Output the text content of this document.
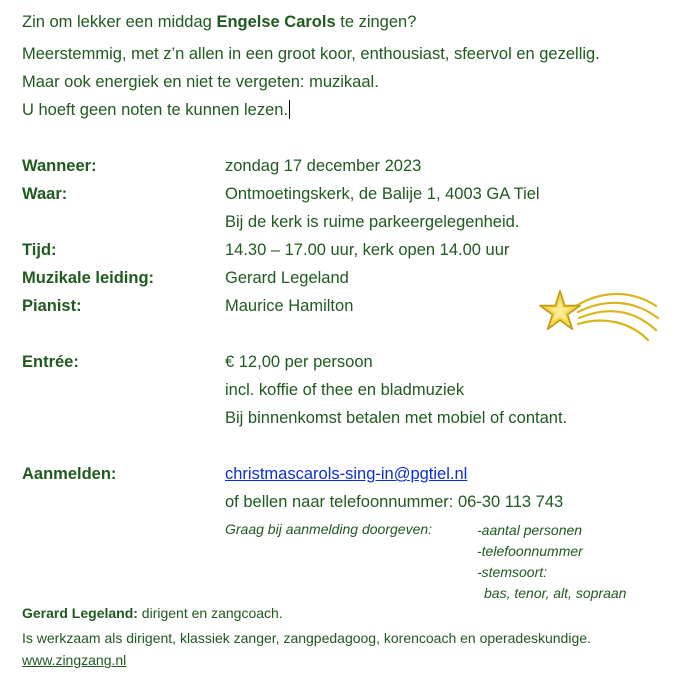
Zin om lekker een middag Engelse Carols te zingen?
Meerstemmig, met z’n allen in een groot koor, enthousiast, sfeervol en gezellig.
Maar ook energiek en niet te vergeten: muzikaal.
U hoeft geen noten te kunnen lezen.
Wanneer:	zondag 17 december 2023
Waar:	Ontmoetingskerk, de Balije 1, 4003 GA Tiel
Bij de kerk is ruime parkeergelegenheid.
Tijd:	14.30 – 17.00 uur, kerk open 14.00 uur
Muzikale leiding:	Gerard Legeland
Pianist:	Maurice Hamilton
Entrée:	€ 12,00 per persoon
incl. koffie of thee en bladmuziek
Bij binnenkomst betalen met mobiel of contant.
Aanmelden:	christmascarols-sing-in@pgtiel.nl
of bellen naar telefoonnummer: 06-30 113 743
Graag bij aanmelding doorgeven:	-aantal personen
-telefoonnummer
-stemsoort:
bas, tenor, alt, sopraan
Gerard Legeland: dirigent en zangcoach.
Is werkzaam als dirigent, klassiek zanger, zangpedagoog, korencoach en operadeskundige.
www.zingzang.nl
